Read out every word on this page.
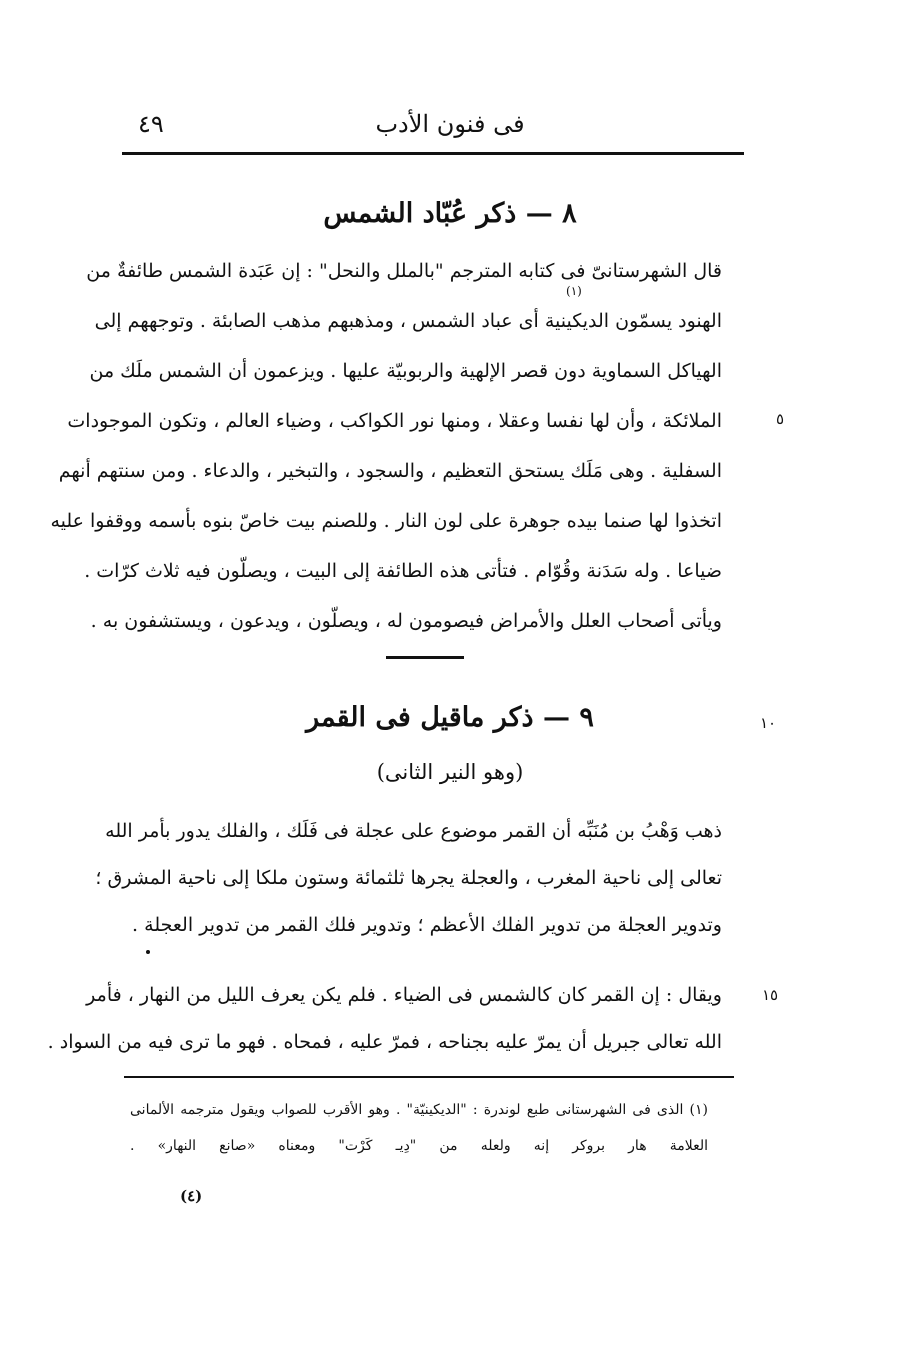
فى فنون الأدب
٤٩
٨ — ذكر عُبّاد الشمس
قال الشهرستانىّ فى كتابه المترجم "بالملل والنحل" : إن عَبَدة الشمس طائفةٌ من
الهنود يسمّون الديكينية أى عباد الشمس ، ومذهبهم مذهب الصابئة . وتوجههم إلى
الهياكل السماوية دون قصر الإلهية والربوبيّة عليها . ويزعمون أن الشمس ملَك من
الملائكة ، وأن لها نفسا وعقلا ، ومنها نور الكواكب ، وضياء العالم ، وتكون الموجودات
السفلية . وهى مَلَك يستحق التعظيم ، والسجود ، والتبخير ، والدعاء . ومن سنتهم أنهم
اتخذوا لها صنما بيده جوهرة على لون النار . وللصنم بيت خاصّ بنوه بأسمه ووقفوا عليه
ضياعا . وله سَدَنة وقُوّام . فتأتى هذه الطائفة إلى البيت ، ويصلّون فيه ثلاث كرّات .
ويأتى أصحاب العلل والأمراض فيصومون له ، ويصلّون ، ويدعون ، ويستشفون به .
(١)
٥
١٠
١٥
٩ — ذكر ماقيل فى القمر
(وهو النير الثانى)
ذهب وَهْبُ بن مُنَبِّه أن القمر موضوع على عجلة فى فَلَك ، والفلك يدور بأمر الله
تعالى إلى ناحية المغرب ، والعجلة يجرها ثلثمائة وستون ملكا إلى ناحية المشرق ؛
وتدوير العجلة من تدوير الفلك الأعظم ؛ وتدوير فلك القمر من تدوير العجلة .
ويقال : إن القمر كان كالشمس فى الضياء . فلم يكن يعرف الليل من النهار ، فأمر
الله تعالى جبريل أن يمرّ عليه بجناحه ، فمرّ عليه ، فمحاه . فهو ما ترى فيه من السواد .
(١) الذى فى الشهرستانى طبع لوندرة : "الديكينيّة" . وهو الأقرب للصواب ويقول مترجمه الألمانى
العلامة هار بروكر إنه ولعله من "دِيـ كَرْت" ومعناه «صانع النهار» .
(٤)
